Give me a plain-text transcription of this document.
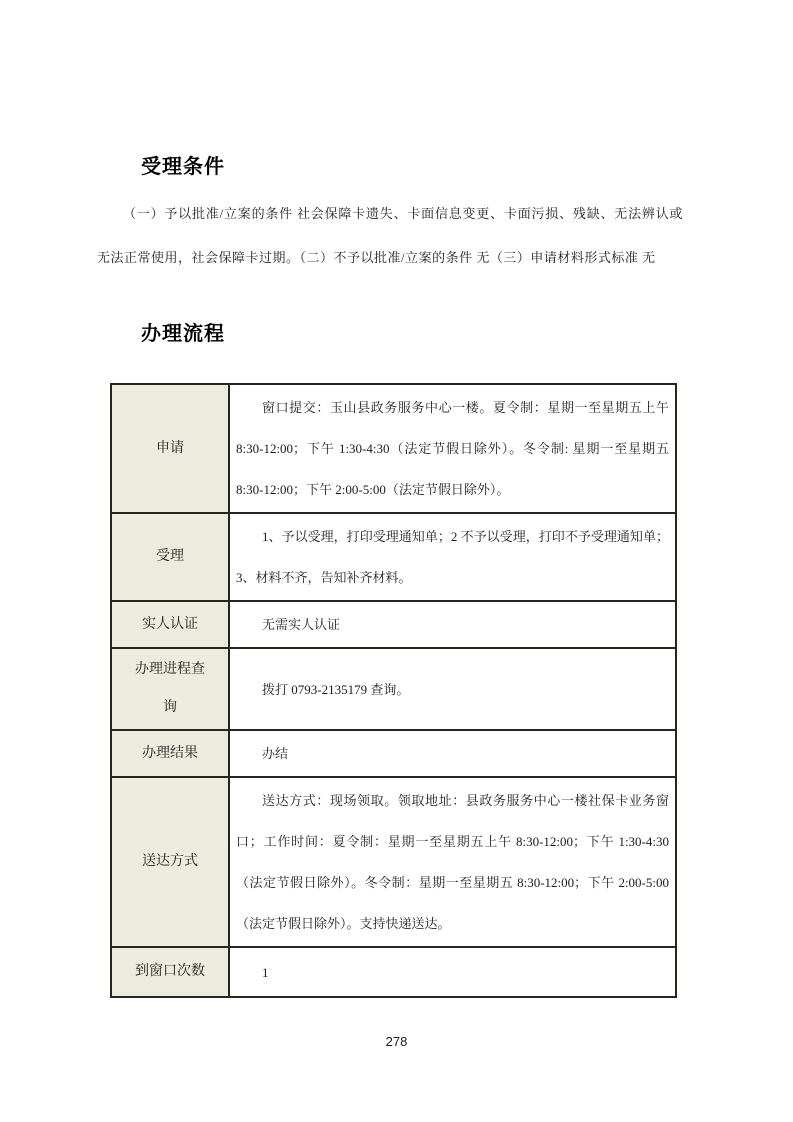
受理条件

（一）予以批准/立案的条件 社会保障卡遗失、卡面信息变更、卡面污损、残缺、无法辨认或无法正常使用，社会保障卡过期。（二）不予以批准/立案的条件 无（三）申请材料形式标准 无

办理流程
申请	窗口提交：玉山县政务服务中心一楼。夏令制：星期一至星期五上午 8:30-12:00；下午 1:30-4:30（法定节假日除外）。冬令制: 星期一至星期五 8:30-12:00；下午 2:00-5:00（法定节假日除外）。

受理	1、予以受理，打印受理通知单；2 不予以受理，打印不予受理通知单；3、材料不齐，告知补齐材料。

实人认证	无需实人认证

办理进程查询	拨打 0793-2135179 查询。

办理结果	办结

送达方式	送达方式：现场领取。领取地址：县政务服务中心一楼社保卡业务窗口；工作时间：夏令制：星期一至星期五上午 8:30-12:00；下午 1:30-4:30（法定节假日除外）。冬令制：星期一至星期五 8:30-12:00；下午 2:00-5:00（法定节假日除外）。支持快递送达。

到窗口次数	1

278
